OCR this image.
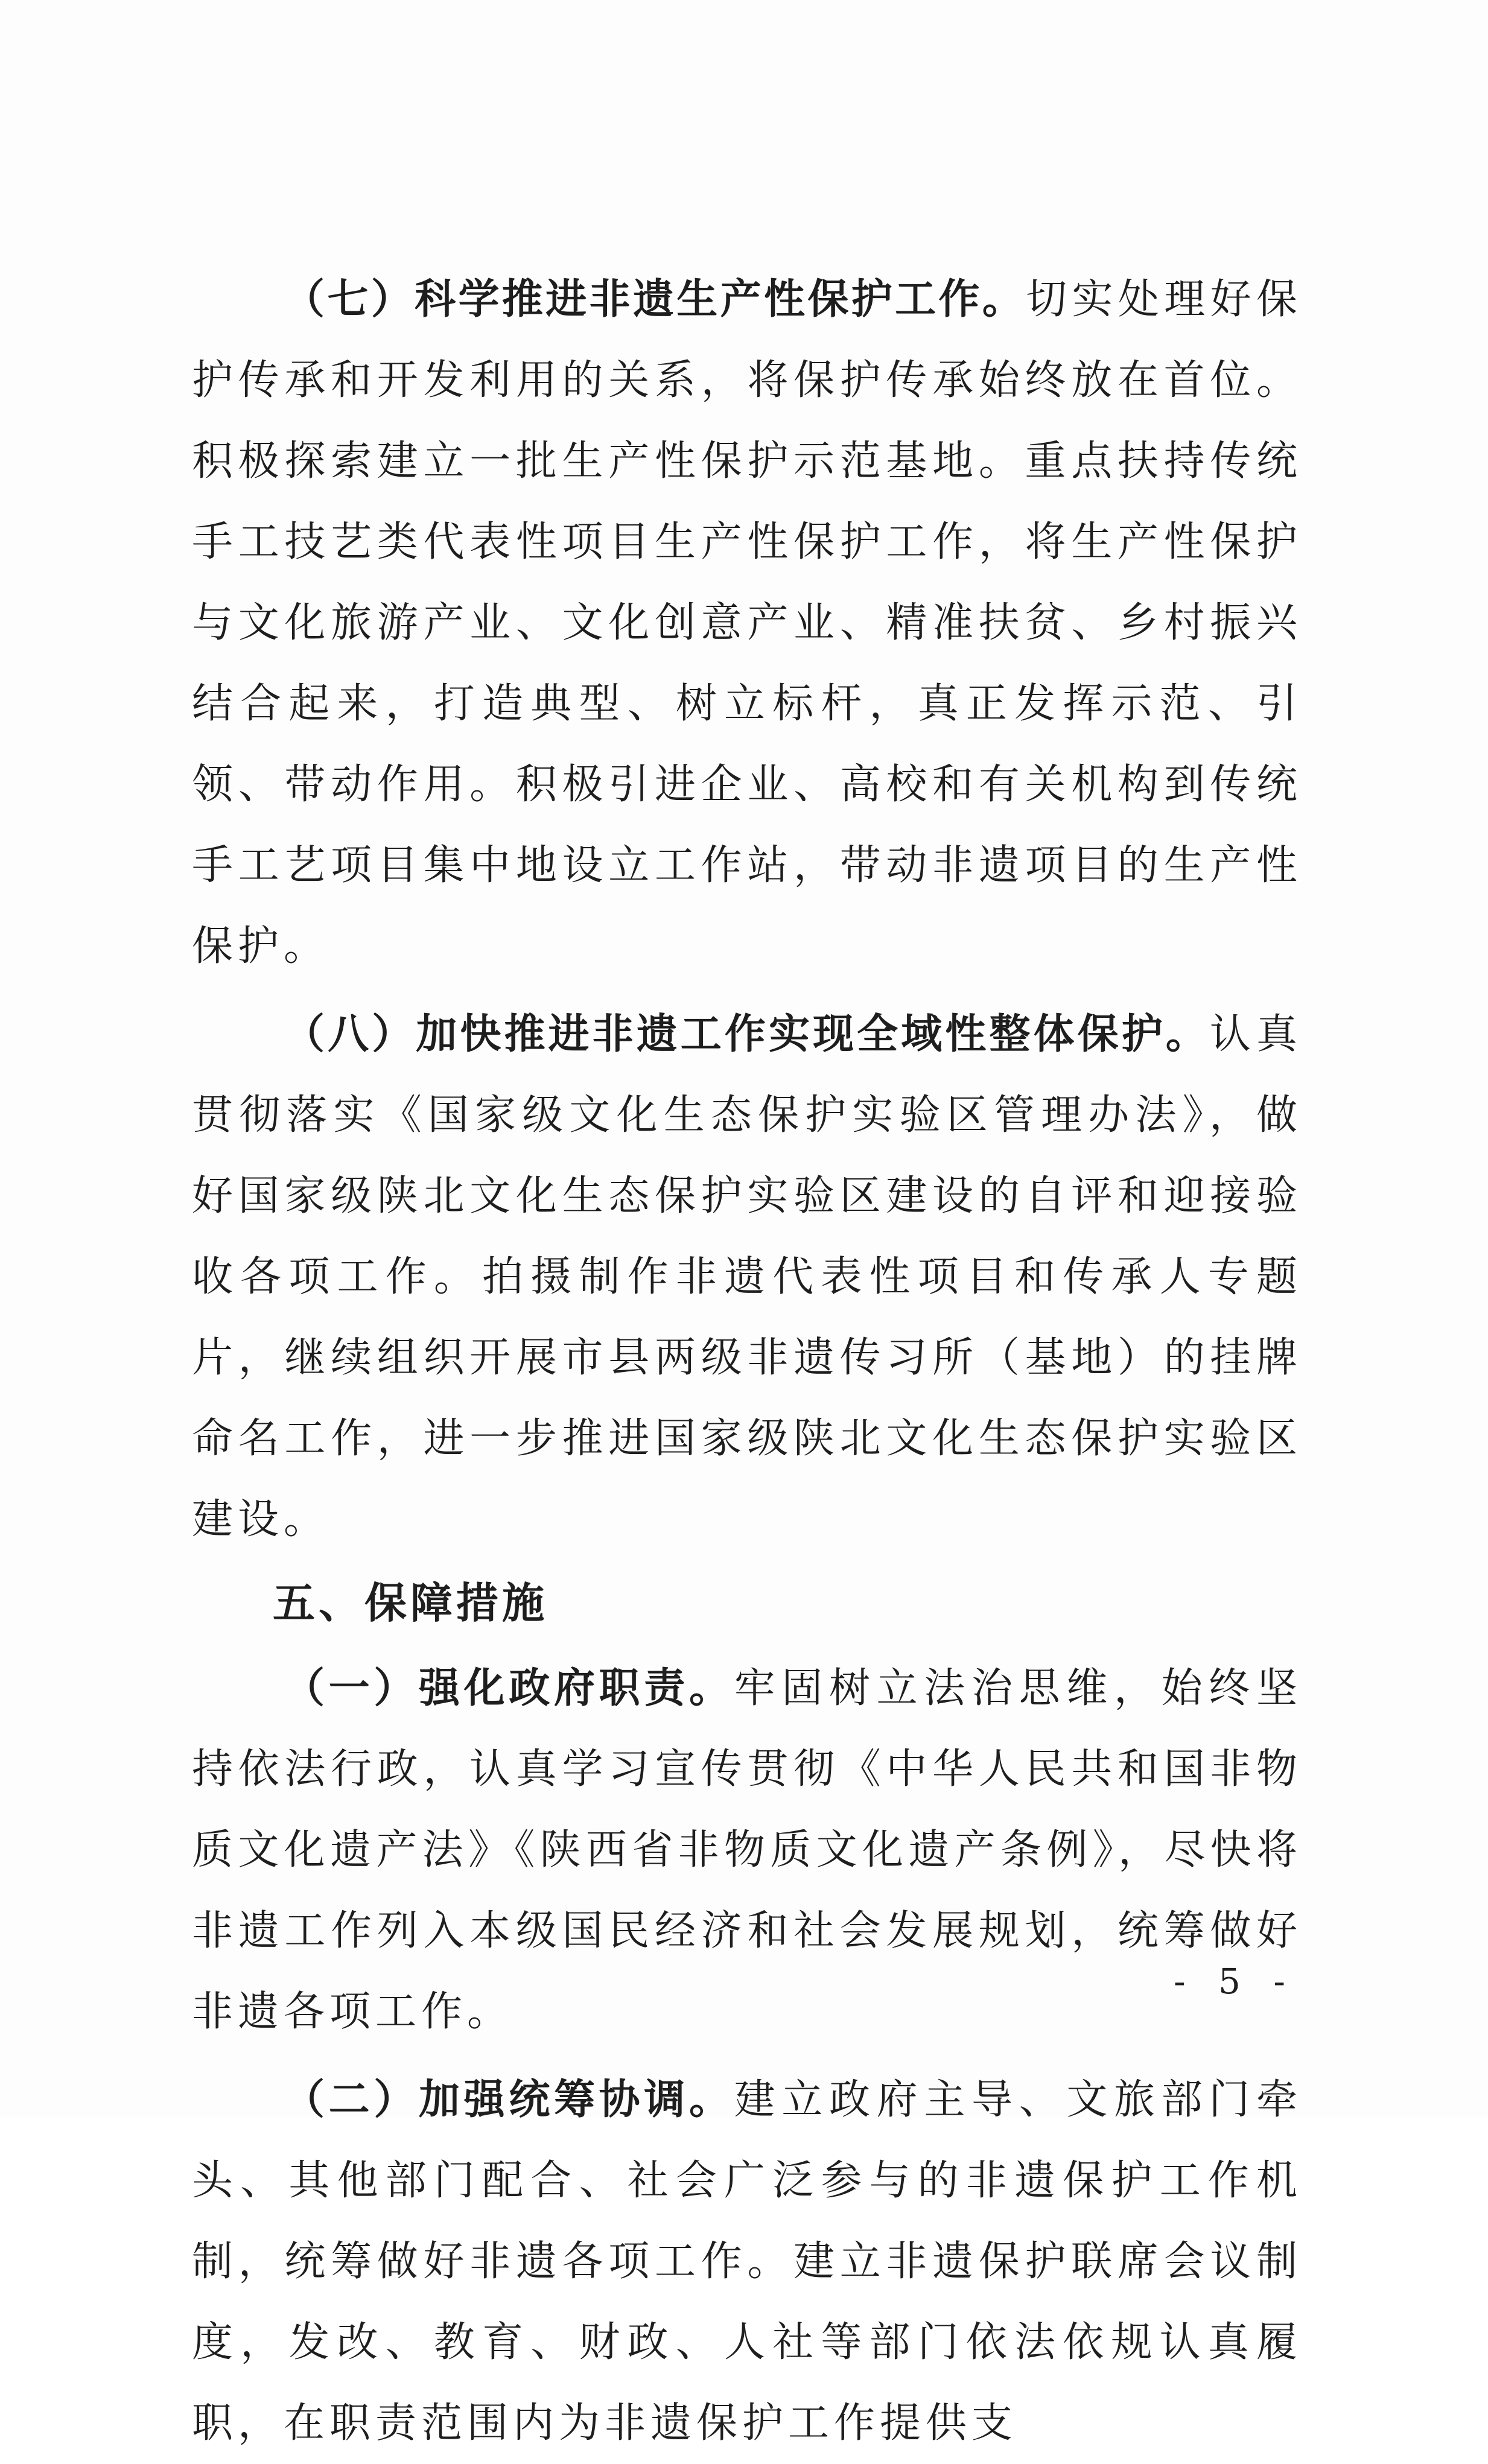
（七）科学推进非遗生产性保护工作。切实处理好保护传承和开发利用的关系，将保护传承始终放在首位。积极探索建立一批生产性保护示范基地。重点扶持传统手工技艺类代表性项目生产性保护工作，将生产性保护与文化旅游产业、文化创意产业、精准扶贫、乡村振兴结合起来，打造典型、树立标杆，真正发挥示范、引领、带动作用。积极引进企业、高校和有关机构到传统手工艺项目集中地设立工作站，带动非遗项目的生产性保护。

（八）加快推进非遗工作实现全域性整体保护。认真贯彻落实《国家级文化生态保护实验区管理办法》，做好国家级陕北文化生态保护实验区建设的自评和迎接验收各项工作。拍摄制作非遗代表性项目和传承人专题片，继续组织开展市县两级非遗传习所（基地）的挂牌命名工作，进一步推进国家级陕北文化生态保护实验区建设。

五、保障措施

（一）强化政府职责。牢固树立法治思维，始终坚持依法行政，认真学习宣传贯彻《中华人民共和国非物质文化遗产法》《陕西省非物质文化遗产条例》，尽快将非遗工作列入本级国民经济和社会发展规划，统筹做好非遗各项工作。

（二）加强统筹协调。建立政府主导、文旅部门牵头、其他部门配合、社会广泛参与的非遗保护工作机制，统筹做好非遗各项工作。建立非遗保护联席会议制度，发改、教育、财政、人社等部门依法依规认真履职，在职责范围内为非遗保护工作提供支

- 5 -
